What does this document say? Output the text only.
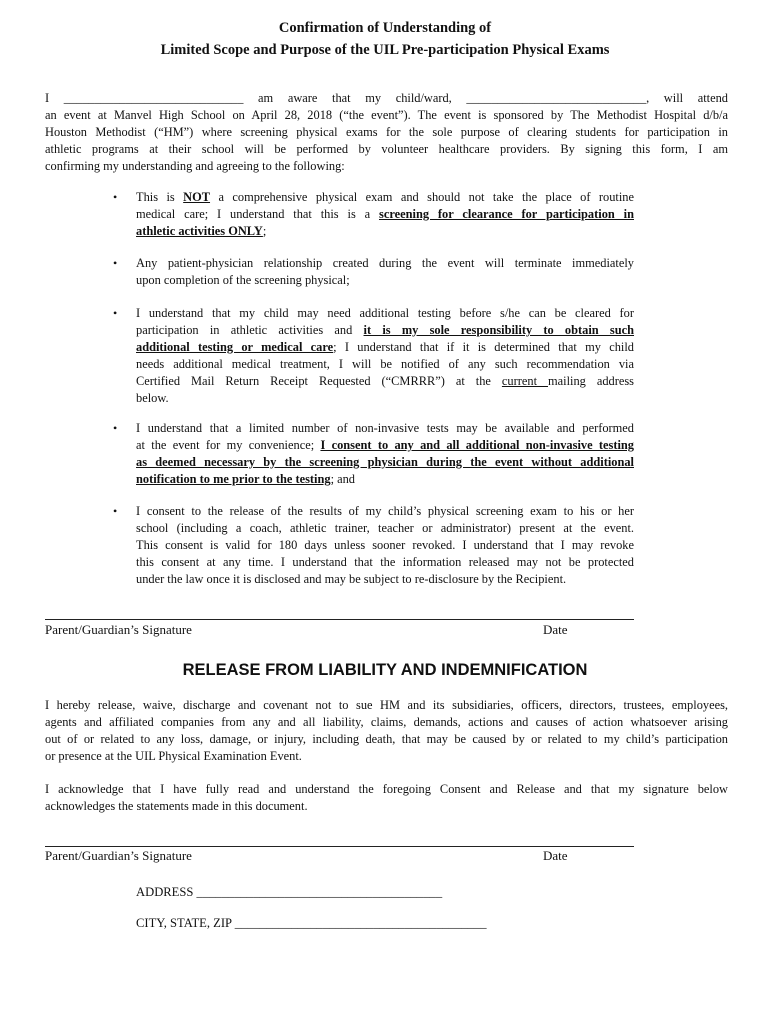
Confirmation of Understanding of
Limited Scope and Purpose of the UIL Pre-participation Physical Exams
I _____________________________ am aware that my child/ward, _____________________________, will attend
an event at Manvel High School on April 28, 2018 (“the event”). The event is sponsored by The Methodist Hospital d/b/a
Houston Methodist (“HM”) where screening physical exams for the sole purpose of clearing students for participation in
athletic programs at their school will be performed by volunteer healthcare providers. By signing this form, I am
confirming my understanding and agreeing to the following:
• This is NOT a comprehensive physical exam and should not take the place of routine
medical care; I understand that this is a screening for clearance for participation in
athletic activities ONLY;
• Any patient-physician relationship created during the event will terminate immediately
upon completion of the screening physical;
• I understand that my child may need additional testing before s/he can be cleared for
participation in athletic activities and it is my sole responsibility to obtain such
additional testing or medical care; I understand that if it is determined that my child
needs additional medical treatment, I will be notified of any such recommendation via
Certified Mail Return Receipt Requested (“CMRRR”) at the current mailing address
below.
• I understand that a limited number of non-invasive tests may be available and performed
at the event for my convenience; I consent to any and all additional non-invasive testing
as deemed necessary by the screening physician during the event without additional
notification to me prior to the testing; and
• I consent to the release of the results of my child’s physical screening exam to his or her
school (including a coach, athletic trainer, teacher or administrator) present at the event.
This consent is valid for 180 days unless sooner revoked. I understand that I may revoke
this consent at any time. I understand that the information released may not be protected
under the law once it is disclosed and may be subject to re-disclosure by the Recipient.
Parent/Guardian’s Signature	Date
RELEASE FROM LIABILITY AND INDEMNIFICATION
I hereby release, waive, discharge and covenant not to sue HM and its subsidiaries, officers, directors, trustees, employees,
agents and affiliated companies from any and all liability, claims, demands, actions and causes of action whatsoever arising
out of or related to any loss, damage, or injury, including death, that may be caused by or related to my child’s participation
or presence at the UIL Physical Examination Event.
I acknowledge that I have fully read and understand the foregoing Consent and Release and that my signature below
acknowledges the statements made in this document.
Parent/Guardian’s Signature	Date
ADDRESS _______________________________________
CITY, STATE, ZIP ________________________________________
